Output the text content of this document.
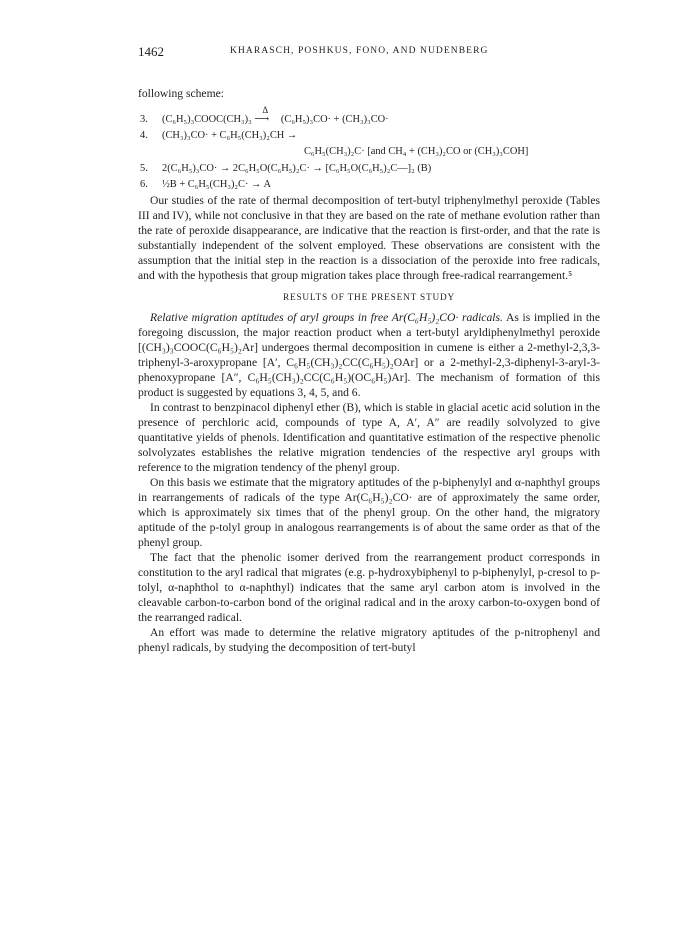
1462	KHARASCH, POSHKUS, FONO, AND NUDENBERG

following scheme:

3. (C₆H₅)₃COOC(CH₃)₃
Δ
⟶ (C₆H₅)₃CO· + (CH₃)₃CO·
4. (CH₃)₃CO· + C₆H₅(CH₃)₂CH →
C₆H₅(CH₃)₂C· [and CH₄ + (CH₃)₂CO or (CH₃)₃COH]
5. 2(C₆H₅)₃CO· → 2C₆H₅O(C₆H₅)₂C· → [C₆H₅O(C₆H₅)₂C—]₂ (B)
6. ½B + C₆H₅(CH₃)₂C· → A

Our studies of the rate of thermal decomposition of tert-butyl triphenylmethyl peroxide (Tables III and IV), while not conclusive in that they are based on the rate of methane evolution rather than the rate of peroxide disappearance, are indicative that the reaction is first-order, and that the rate is substantially independent of the solvent employed. These observations are consistent with the assumption that the initial step in the reaction is a dissociation of the peroxide into free radicals, and with the hypothesis that group migration takes place through free-radical rearrangement.⁵

RESULTS OF THE PRESENT STUDY

Relative migration aptitudes of aryl groups in free Ar(C₆H₅)₂CO· radicals. As is implied in the foregoing discussion, the major reaction product when a tert-butyl aryldiphenylmethyl peroxide [(CH₃)₃COOC(C₆H₅)₂Ar] undergoes thermal decomposition in cumene is either a 2-methyl-2,3,3-triphenyl-3-aroxypropane [A′, C₆H₅(CH₃)₂CC(C₆H₅)₂OAr] or a 2-methyl-2,3-diphenyl-3-aryl-3-phenoxypropane [A″, C₆H₅(CH₃)₂CC(C₆H₅)(OC₆H₅)Ar]. The mechanism of formation of this product is suggested by equations 3, 4, 5, and 6.

In contrast to benzpinacol diphenyl ether (B), which is stable in glacial acetic acid solution in the presence of perchloric acid, compounds of type A, A′, A″ are readily solvolyzed to give quantitative yields of phenols. Identification and quantitative estimation of the respective phenolic solvolyzates establishes the relative migration tendencies of the respective aryl groups with reference to the migration tendency of the phenyl group.

On this basis we estimate that the migratory aptitudes of the p-biphenylyl and α-naphthyl groups in rearrangements of radicals of the type Ar(C₆H₅)₂CO· are of approximately the same order, which is approximately six times that of the phenyl group. On the other hand, the migratory aptitude of the p-tolyl group in analogous rearrangements is of about the same order as that of the phenyl group.

The fact that the phenolic isomer derived from the rearrangement product corresponds in constitution to the aryl radical that migrates (e.g. p-hydroxybiphenyl to p-biphenylyl, p-cresol to p-tolyl, α-naphthol to α-naphthyl) indicates that the same aryl carbon atom is involved in the cleavable carbon-to-carbon bond of the original radical and in the aroxy carbon-to-oxygen bond of the rearranged radical.

An effort was made to determine the relative migratory aptitudes of the p-nitrophenyl and phenyl radicals, by studying the decomposition of tert-butyl
